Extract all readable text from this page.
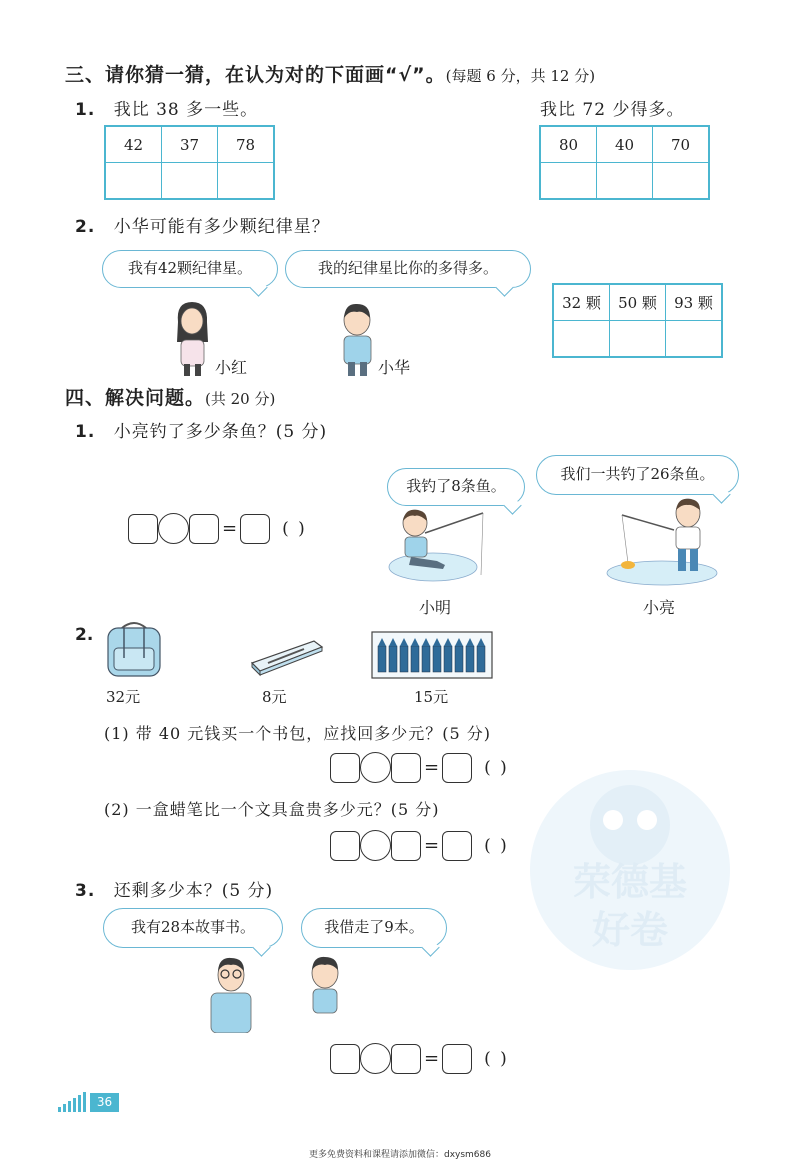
荣德基
好卷
三、请你猜一猜，在认为对的下面画“√”。(每题 6 分，共 12 分)
1. 我比 38 多一些。	我比 72 少得多。
42	37	78
			80	40	70

2. 小华可能有多少颗纪律星？
我有42颗纪律星。	我的纪律星比你的多得多。
小红	小华
32 颗	50 颗	93 颗

四、解决问题。(共 20 分)
1. 小亮钓了多少条鱼？(5 分)
我钓了8条鱼。
我们一共钓了26条鱼。
=	( )
小明	小亮
2.
32元	8元	15元
(1) 带 40 元钱买一个书包，应找回多少元？(5 分)
=	( )
(2) 一盒蜡笔比一个文具盒贵多少元？(5 分)
=	( )
3. 还剩多少本？(5 分)
我有28本故事书。	我借走了9本。
=	( )
36
更多免费资料和课程请添加微信：dxysm686
